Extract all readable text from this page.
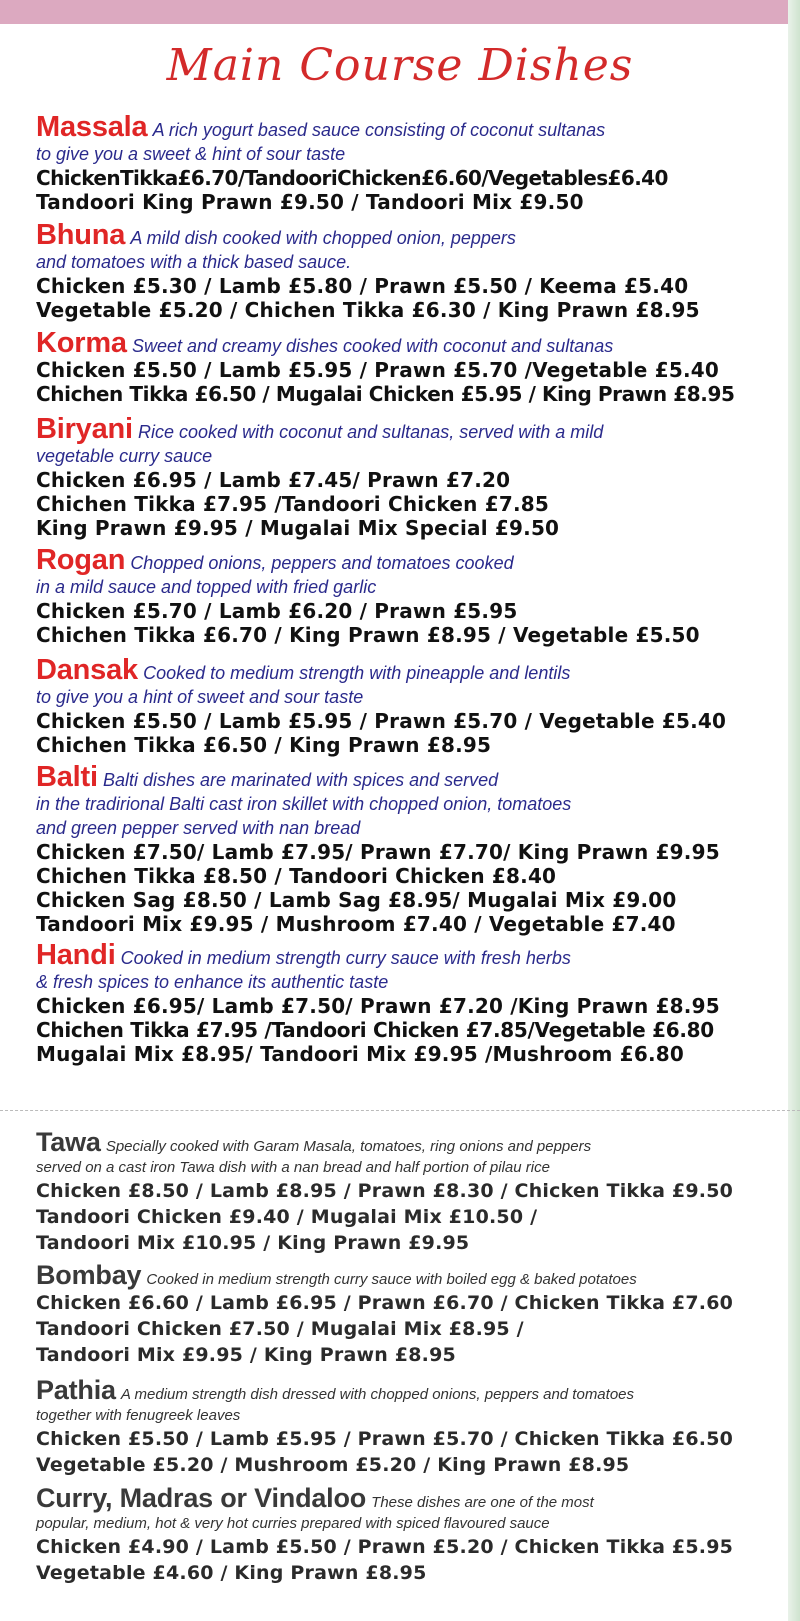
Main Course Dishes
Massala A rich yogurt based sauce consisting of coconut sultanas
to give you a sweet & hint of sour taste
ChickenTikka£6.70/TandooriChicken£6.60/Vegetables£6.40
Tandoori King Prawn £9.50 / Tandoori Mix £9.50
Bhuna A mild dish cooked with chopped onion, peppers
and tomatoes with a thick based sauce.
Chicken £5.30 / Lamb £5.80 / Prawn £5.50 / Keema £5.40
Vegetable £5.20 / Chichen Tikka £6.30 / King Prawn £8.95
Korma Sweet and creamy dishes cooked with coconut and sultanas
Chicken £5.50 / Lamb £5.95 / Prawn £5.70 /Vegetable £5.40
Chichen Tikka £6.50 / Mugalai Chicken £5.95 / King Prawn £8.95
Biryani Rice cooked with coconut and sultanas, served with a mild
vegetable curry sauce
Chicken £6.95 / Lamb £7.45/ Prawn £7.20
Chichen Tikka £7.95 /Tandoori Chicken £7.85
King Prawn £9.95 / Mugalai Mix Special £9.50
Rogan Chopped onions, peppers and tomatoes cooked
in a mild sauce and topped with fried garlic
Chicken £5.70 / Lamb £6.20 / Prawn £5.95
Chichen Tikka £6.70 / King Prawn £8.95 / Vegetable £5.50
Dansak Cooked to medium strength with pineapple and lentils
to give you a hint of sweet and sour taste
Chicken £5.50 / Lamb £5.95 / Prawn £5.70 / Vegetable £5.40
Chichen Tikka £6.50 / King Prawn £8.95
Balti Balti dishes are marinated with spices and served
in the tradirional Balti cast iron skillet with chopped onion, tomatoes
and green pepper served with nan bread
Chicken £7.50/ Lamb £7.95/ Prawn £7.70/ King Prawn £9.95
Chichen Tikka £8.50 / Tandoori Chicken £8.40
Chicken Sag £8.50 / Lamb Sag £8.95/ Mugalai Mix £9.00
Tandoori Mix £9.95 / Mushroom £7.40 / Vegetable £7.40
Handi Cooked in medium strength curry sauce with fresh herbs
& fresh spices to enhance its authentic taste
Chicken £6.95/ Lamb £7.50/ Prawn £7.20 /King Prawn £8.95
Chichen Tikka £7.95 /Tandoori Chicken £7.85/Vegetable £6.80
Mugalai Mix £8.95/ Tandoori Mix £9.95 /Mushroom £6.80
Tawa Specially cooked with Garam Masala, tomatoes, ring onions and peppers
served on a cast iron Tawa dish with a nan bread and half portion of pilau rice
Chicken £8.50 / Lamb £8.95 / Prawn £8.30 / Chicken Tikka £9.50
Tandoori Chicken £9.40 / Mugalai Mix £10.50 /
Tandoori Mix £10.95 / King Prawn £9.95
Bombay Cooked in medium strength curry sauce with boiled egg & baked potatoes
Chicken £6.60 / Lamb £6.95 / Prawn £6.70 / Chicken Tikka £7.60
Tandoori Chicken £7.50 / Mugalai Mix £8.95 /
Tandoori Mix £9.95 / King Prawn £8.95
Pathia A medium strength dish dressed with chopped onions, peppers and tomatoes
together with fenugreek leaves
Chicken £5.50 / Lamb £5.95 / Prawn £5.70 / Chicken Tikka £6.50
Vegetable £5.20 / Mushroom £5.20 / King Prawn £8.95
Curry, Madras or Vindaloo These dishes are one of the most
popular, medium, hot & very hot curries prepared with spiced flavoured sauce
Chicken £4.90 / Lamb £5.50 / Prawn £5.20 / Chicken Tikka £5.95
Vegetable £4.60 / King Prawn £8.95
